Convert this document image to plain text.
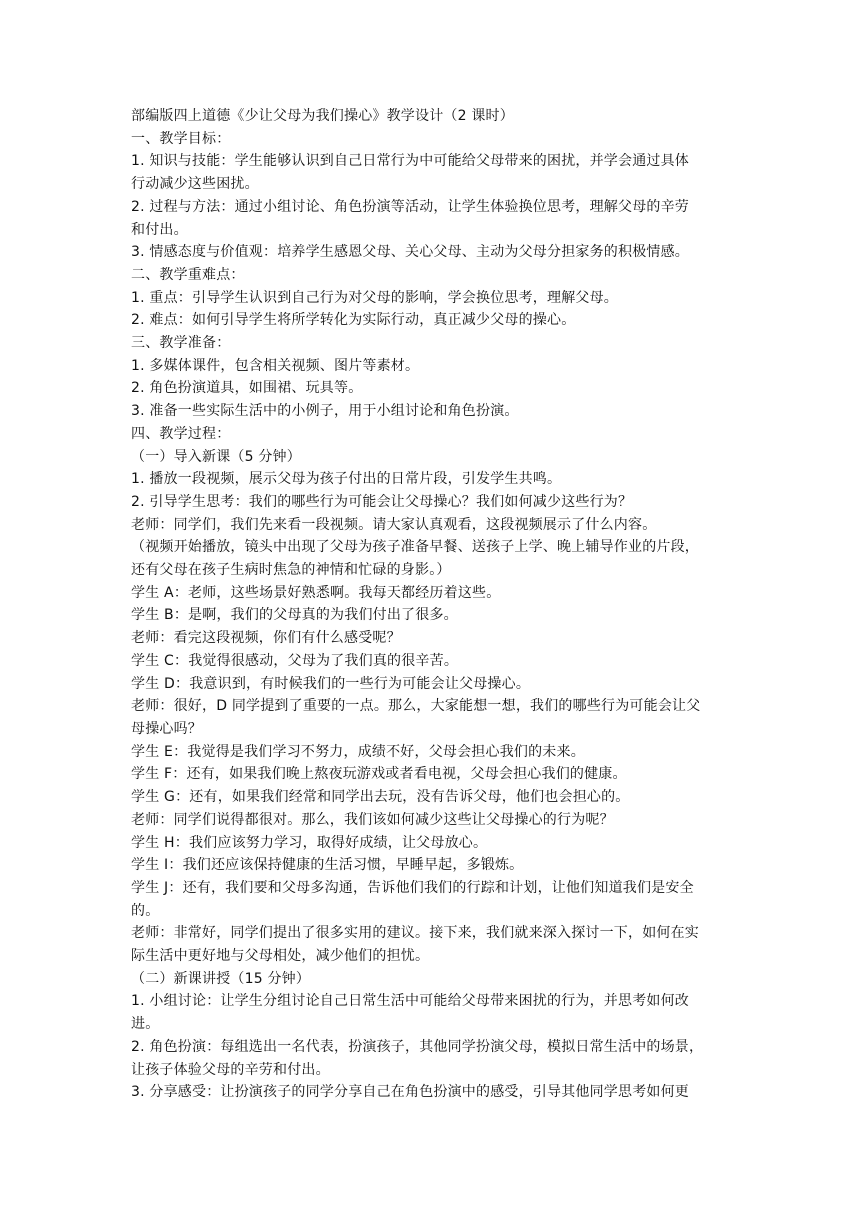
部编版四上道德《少让父母为我们操心》教学设计（2 课时）

一、教学目标：

1. 知识与技能：学生能够认识到自己日常行为中可能给父母带来的困扰，并学会通过具体

行动减少这些困扰。

2. 过程与方法：通过小组讨论、角色扮演等活动，让学生体验换位思考，理解父母的辛劳

和付出。

3. 情感态度与价值观：培养学生感恩父母、关心父母、主动为父母分担家务的积极情感。

二、教学重难点：

1. 重点：引导学生认识到自己行为对父母的影响，学会换位思考，理解父母。

2. 难点：如何引导学生将所学转化为实际行动，真正减少父母的操心。

三、教学准备：

1. 多媒体课件，包含相关视频、图片等素材。

2. 角色扮演道具，如围裙、玩具等。

3. 准备一些实际生活中的小例子，用于小组讨论和角色扮演。

四、教学过程：

（一）导入新课（5 分钟）

1. 播放一段视频，展示父母为孩子付出的日常片段，引发学生共鸣。

2. 引导学生思考：我们的哪些行为可能会让父母操心？我们如何减少这些行为？

老师：同学们，我们先来看一段视频。请大家认真观看，这段视频展示了什么内容。

（视频开始播放，镜头中出现了父母为孩子准备早餐、送孩子上学、晚上辅导作业的片段，

还有父母在孩子生病时焦急的神情和忙碌的身影。）

学生 A：老师，这些场景好熟悉啊。我每天都经历着这些。

学生 B：是啊，我们的父母真的为我们付出了很多。

老师：看完这段视频，你们有什么感受呢？

学生 C：我觉得很感动，父母为了我们真的很辛苦。

学生 D：我意识到，有时候我们的一些行为可能会让父母操心。

老师：很好，D 同学提到了重要的一点。那么，大家能想一想，我们的哪些行为可能会让父

母操心吗？

学生 E：我觉得是我们学习不努力，成绩不好，父母会担心我们的未来。

学生 F：还有，如果我们晚上熬夜玩游戏或者看电视，父母会担心我们的健康。

学生 G：还有，如果我们经常和同学出去玩，没有告诉父母，他们也会担心的。

老师：同学们说得都很对。那么，我们该如何减少这些让父母操心的行为呢？

学生 H：我们应该努力学习，取得好成绩，让父母放心。

学生 I：我们还应该保持健康的生活习惯，早睡早起，多锻炼。

学生 J：还有，我们要和父母多沟通，告诉他们我们的行踪和计划，让他们知道我们是安全

的。

老师：非常好，同学们提出了很多实用的建议。接下来，我们就来深入探讨一下，如何在实

际生活中更好地与父母相处，减少他们的担忧。

（二）新课讲授（15 分钟）

1. 小组讨论：让学生分组讨论自己日常生活中可能给父母带来困扰的行为，并思考如何改

进。

2. 角色扮演：每组选出一名代表，扮演孩子，其他同学扮演父母，模拟日常生活中的场景，

让孩子体验父母的辛劳和付出。

3. 分享感受：让扮演孩子的同学分享自己在角色扮演中的感受，引导其他同学思考如何更
